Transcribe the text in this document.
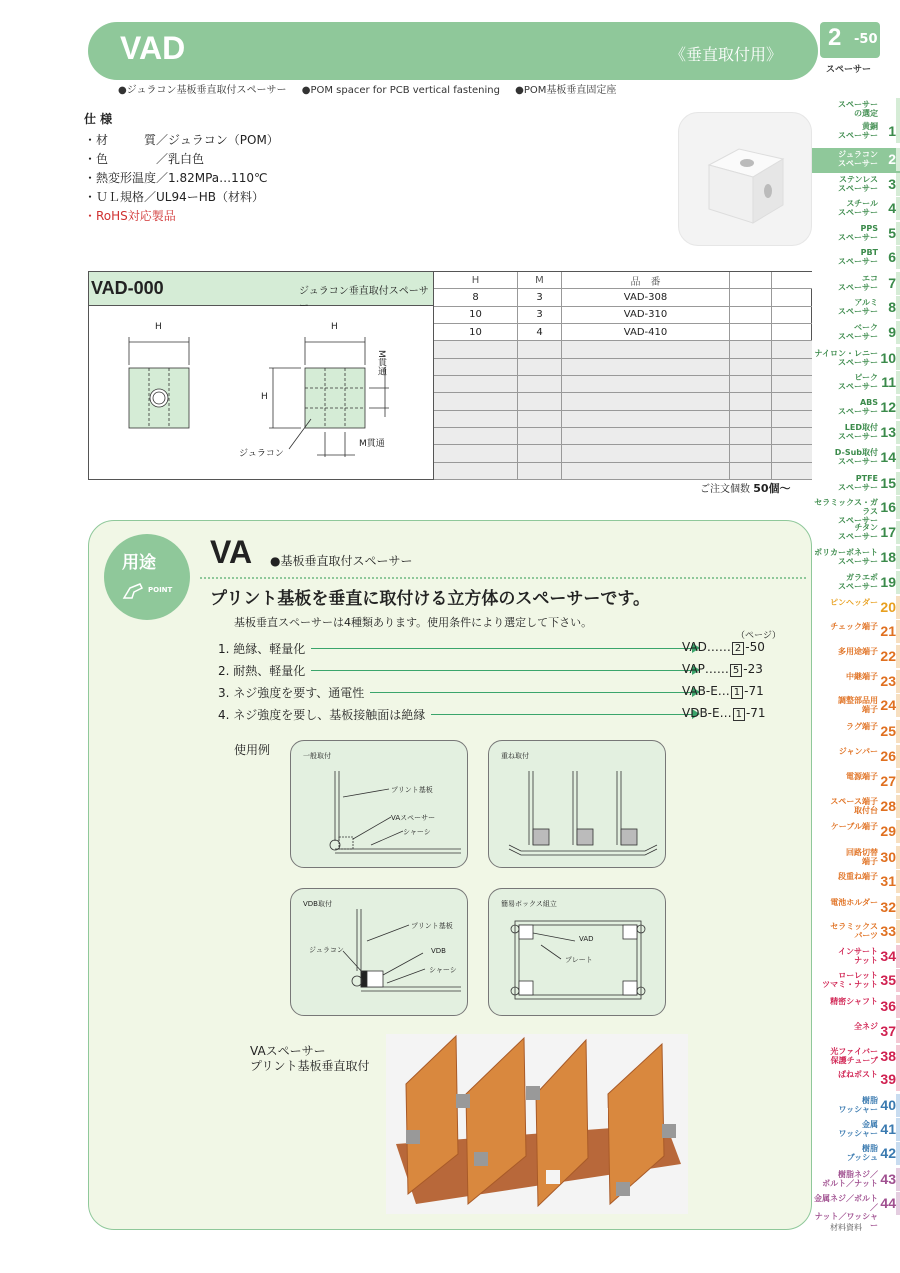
VAD	《垂直取付用》
2 -50
スペーサー
●ジュラコン基板垂直取付スペーサー ●POM spacer for PCB vertical fastening ●POM基板垂直固定座
仕 様
・材　　　質／ジュラコン（POM）
・色　　　　／乳白色
・熱変形温度／1.82MPa…110℃
・ＵＬ規格／UL94ーHB（材料）
・RoHS対応製品
VAD-000	ジュラコン垂直取付スペーサー
H	H
H
M貫通
M貫通
ジュラコン
H	M	品　番
8	3	VAD-308
10	3	VAD-310
10	4	VAD-410
ご注文個数 50個～
用途
POINT
VA ●基板垂直取付スペーサー
プリント基板を垂直に取付ける立方体のスペーサーです。
基板垂直スペーサーは4種類あります。使用条件により選定して下さい。
（ページ）
1. 絶縁、軽量化	VAD…… 2 -50
2. 耐熱、軽量化	VAP…… 5 -23
3. ネジ強度を要す、通電性	VAB-E… 1 -71
4. ネジ強度を要し、基板接触面は絶縁	VDB-E… 1 -71
使用例	一般取付
プリント基板
VAスペーサー
シャーシ
重ね取付
VDB取付
プリント基板
ジュラコン	VDB
シャーシ
簡易ボックス組立
VAD
プレート
VAスペーサー
プリント基板垂直取付
スペーサー
の選定
黄銅
スペーサー 1
ジュラコン
スペーサー 2
ステンレス
スペーサー 3
スチール
スペーサー 4
PPS
スペーサー 5
PBT
スペーサー 6
エコ
スペーサー 7
アルミ
スペーサー 8
ベーク
スペーサー 9
ナイロン・レニー
スペーサー 10
ピーク
スペーサー 11
ABS
スペーサー 12
LED取付
スペーサー 13
D-Sub取付
スペーサー 14
PTFE
スペーサー 15
セラミックス・ガラス
スペーサー
16
チタン
スペーサー 17
ポリカーボネート
スペーサー 18
ガラエポ
スペーサー 19
ピンヘッダー 20
チェック端子 21
多用途端子 22
中継端子 23
調整部品用
端子 24
ラグ端子 25
ジャンパー 26
電源端子 27
スペース端子
取付台 28
ケーブル端子 29
回路切替
端子 30
段重ね端子 31
電池ホルダー 32
セラミックス
パーツ 33
インサート
ナット 34
ローレット
ツマミ・ナット 35
精密シャフト 36
全ネジ 37
光ファイバー
保護チューブ 38
ばねポスト 39
樹脂
ワッシャー 40
金属
ワッシャー 41
樹脂
ブッシュ 42
樹脂ネジ／
ボルト／ナット 43
金属ネジ／ボルト／
ナット／ワッシャー
44
材料資料
